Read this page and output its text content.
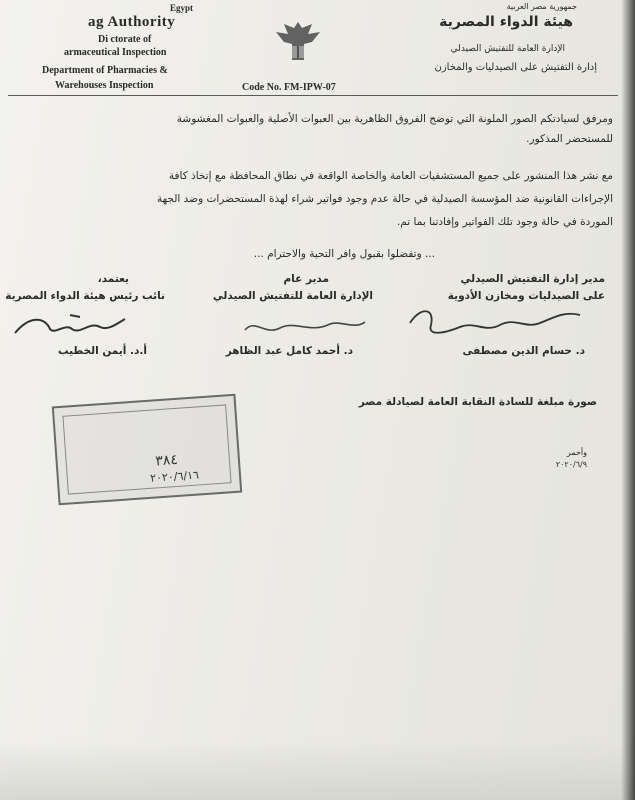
Egypt
ag Authority
Di ctorate of
armaceutical Inspection
Department of Pharmacies &
Warehouses Inspection
جمهورية مصر العربية
هيئة الدواء المصرية
الإدارة العامة للتفتيش الصيدلي
إدارة التفتيش على الصيدليات والمخازن
Code No. FM-IPW-07
ومرفق لسيادتكم الصور الملونة التي توضح الفروق الظاهرية بين العبوات الأصلية والعبوات المغشوشة
للمستحضر المذكور.
مع نشر هذا المنشور على جميع المستشفيات العامة والخاصة الواقعة في نطاق المحافظة مع إتخاذ كافة
الإجراءات القانونية ضد المؤسسة الصيدلية في حالة عدم وجود فواتير شراء لهذة المستحضرات وضد الجهة
الموردة في حالة وجود تلك الفواتير وإفادتنا بما تم.
... وتفضلوا بقبول وافر التحية والاحترام ...
مدير إدارة التفتيش الصيدلي
على الصيدليات ومخازن الأدوية
مدير عام
الإدارة العامة للتفتيش الصيدلي
يعتمد،
نائب رئيس هيئة الدواء المصرية
د. حسام الدين مصطفى
د. أحمد كامل عبد الظاهر
أ.د. أيمن الخطيب
صورة مبلغة للسادة النقابة العامة لصيادلة مصر
٣٨٤
٢٠٢٠/٦/١٦
وأحمر
٢٠٢٠/٦/٩
